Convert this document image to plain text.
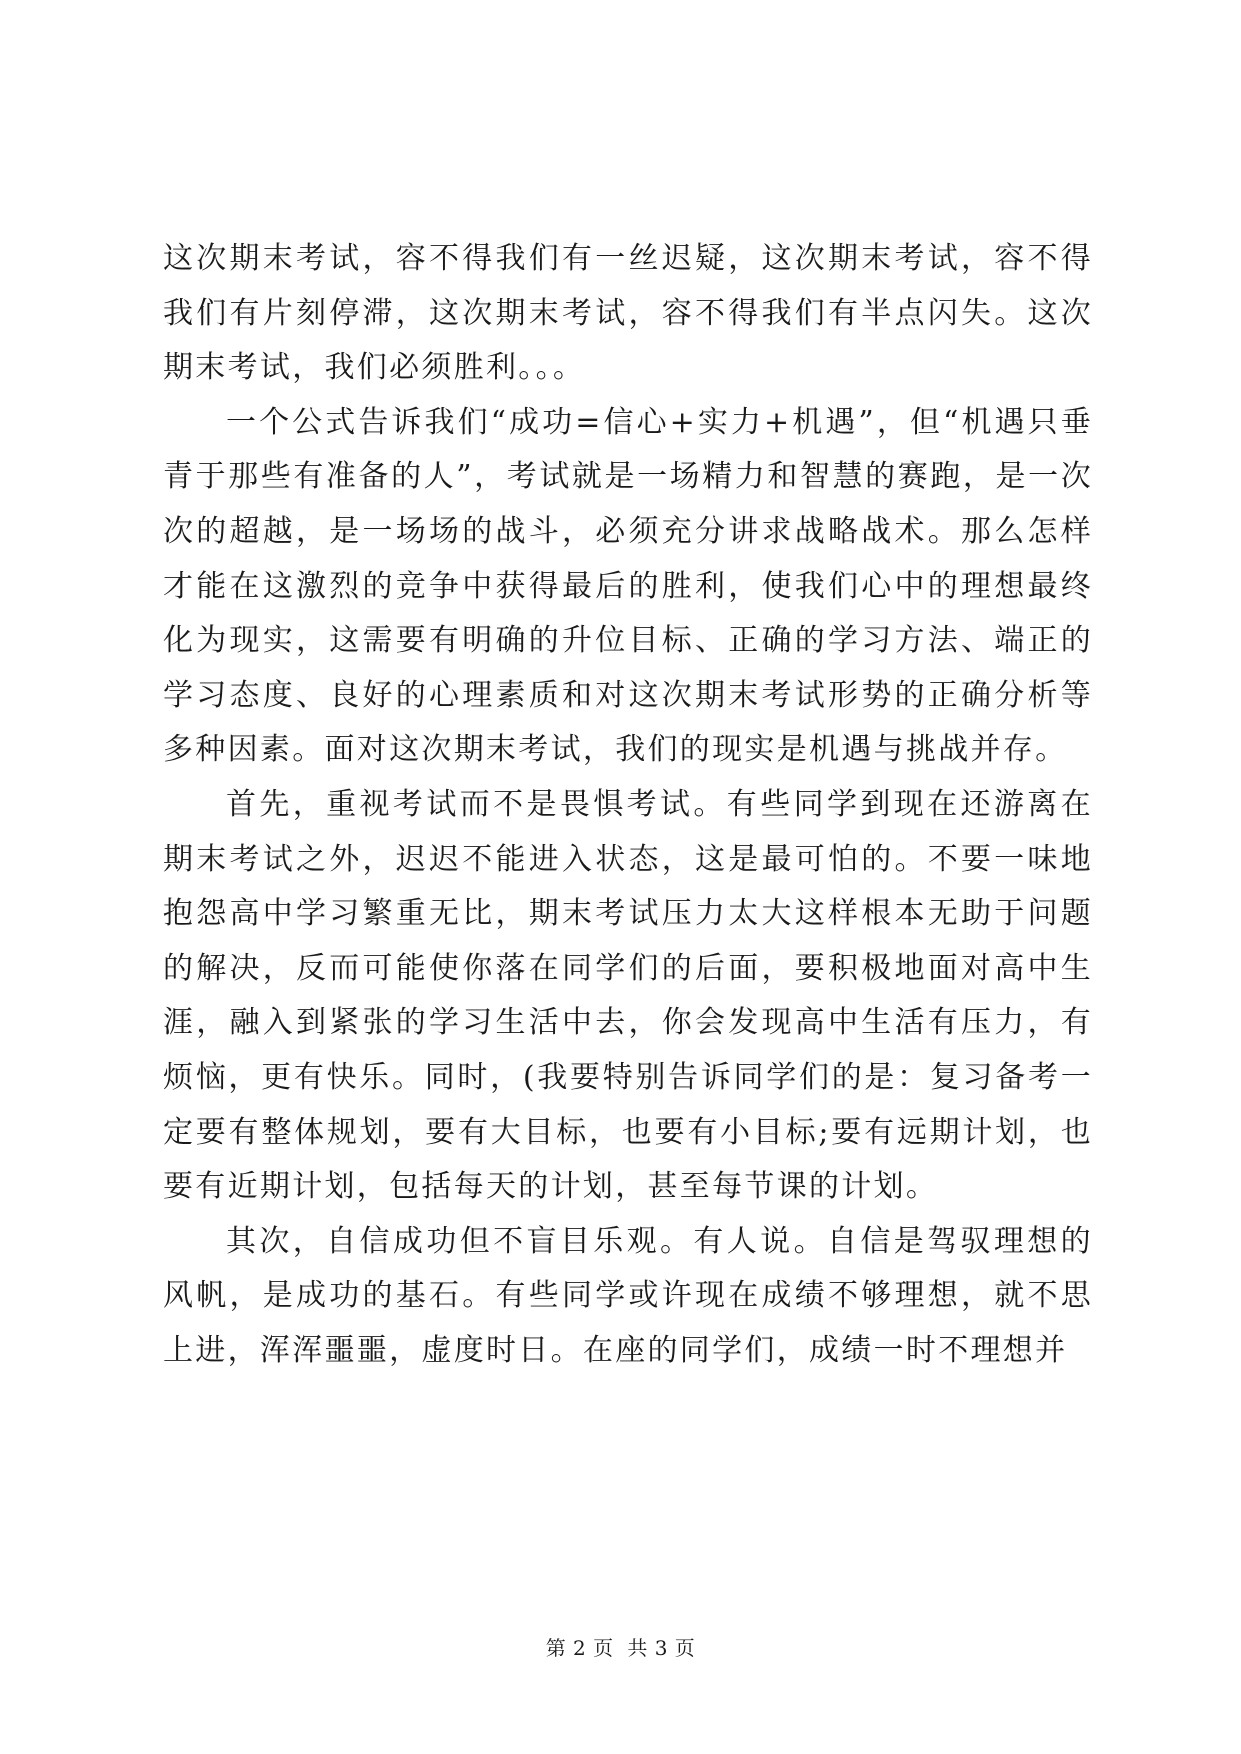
这次期末考试，容不得我们有一丝迟疑，这次期末考试，容不得我们有片刻停滞，这次期末考试，容不得我们有半点闪失。这次期末考试，我们必须胜利。。。

一个公式告诉我们“成功=信心+实力+机遇”，但“机遇只垂青于那些有准备的人”，考试就是一场精力和智慧的赛跑，是一次次的超越，是一场场的战斗，必须充分讲求战略战术。那么怎样才能在这激烈的竞争中获得最后的胜利，使我们心中的理想最终化为现实，这需要有明确的升位目标、正确的学习方法、端正的学习态度、良好的心理素质和对这次期末考试形势的正确分析等多种因素。面对这次期末考试，我们的现实是机遇与挑战并存。

首先，重视考试而不是畏惧考试。有些同学到现在还游离在期末考试之外，迟迟不能进入状态，这是最可怕的。不要一味地抱怨高中学习繁重无比，期末考试压力太大这样根本无助于问题的解决，反而可能使你落在同学们的后面，要积极地面对高中生涯，融入到紧张的学习生活中去，你会发现高中生活有压力，有烦恼，更有快乐。同时，(我要特别告诉同学们的是：复习备考一定要有整体规划，要有大目标，也要有小目标;要有远期计划，也要有近期计划，包括每天的计划，甚至每节课的计划。

其次，自信成功但不盲目乐观。有人说。自信是驾驭理想的风帆，是成功的基石。有些同学或许现在成绩不够理想，就不思上进，浑浑噩噩，虚度时日。在座的同学们，成绩一时不理想并

第 2 页  共 3 页
